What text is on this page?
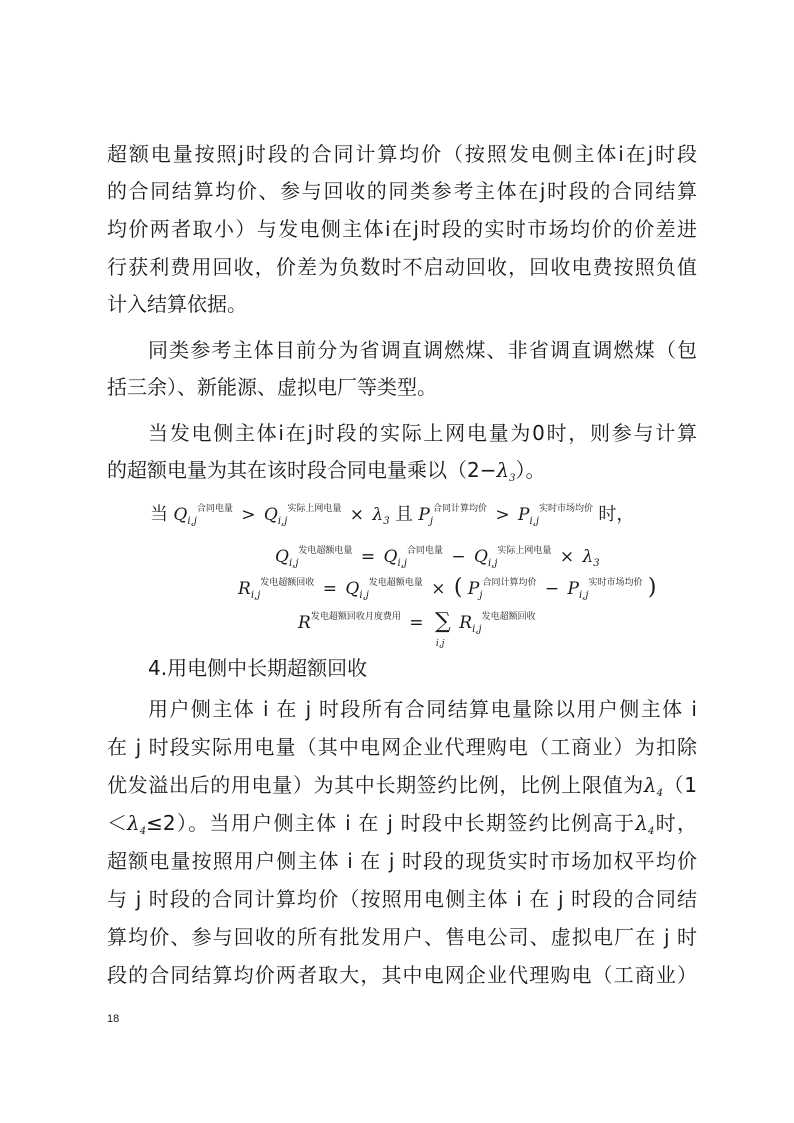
超额电量按照j时段的合同计算均价（按照发电侧主体i在j时段
的合同结算均价、参与回收的同类参考主体在j时段的合同结算
均价两者取小）与发电侧主体i在j时段的实时市场均价的价差进
行获利费用回收，价差为负数时不启动回收，回收电费按照负值
计入结算依据。
同类参考主体目前分为省调直调燃煤、非省调直调燃煤（包
括三余）、新能源、虚拟电厂等类型。
当发电侧主体i在j时段的实际上网电量为0时，则参与计算
的超额电量为其在该时段合同电量乘以$(2-\lambda_3)$。
当 $Q_{i,j}^{合同电量} > Q_{i,j}^{实际上网电量} \times \lambda_3$ 且 $P_j^{合同计算均价} > P_{i,j}^{实时市场均价}$ 时，
$Q_{i,j}^{发电超额电量} = Q_{i,j}^{合同电量} - Q_{i,j}^{实际上网电量} \times \lambda_3$
$R_{i,j}^{发电超额回收} = Q_{i,j}^{发电超额电量}$ × ( $P_j^{合同计算均价} - P_{i,j}^{实时市场均价}$ )
$R^{发电超额回收月度费用}$ = ∑
i,j
$R_{i,j}^{发电超额回收}$
4.用电侧中长期超额回收
用户侧主体 i 在 j 时段所有合同结算电量除以用户侧主体 i
在 j 时段实际用电量（其中电网企业代理购电（工商业）为扣除
优发溢出后的用电量）为其中长期签约比例，比例上限值为$\lambda_4(1$
$<\lambda_4\le 2$）。当用户侧主体 i 在 j 时段中长期签约比例高于$\lambda_4$时，
超额电量按照用户侧主体 i 在 j 时段的现货实时市场加权平均价
与 j 时段的合同计算均价（按照用电侧主体 i 在 j 时段的合同结
算均价、参与回收的所有批发用户、售电公司、虚拟电厂在 j 时
段的合同结算均价两者取大，其中电网企业代理购电（工商业）
18
